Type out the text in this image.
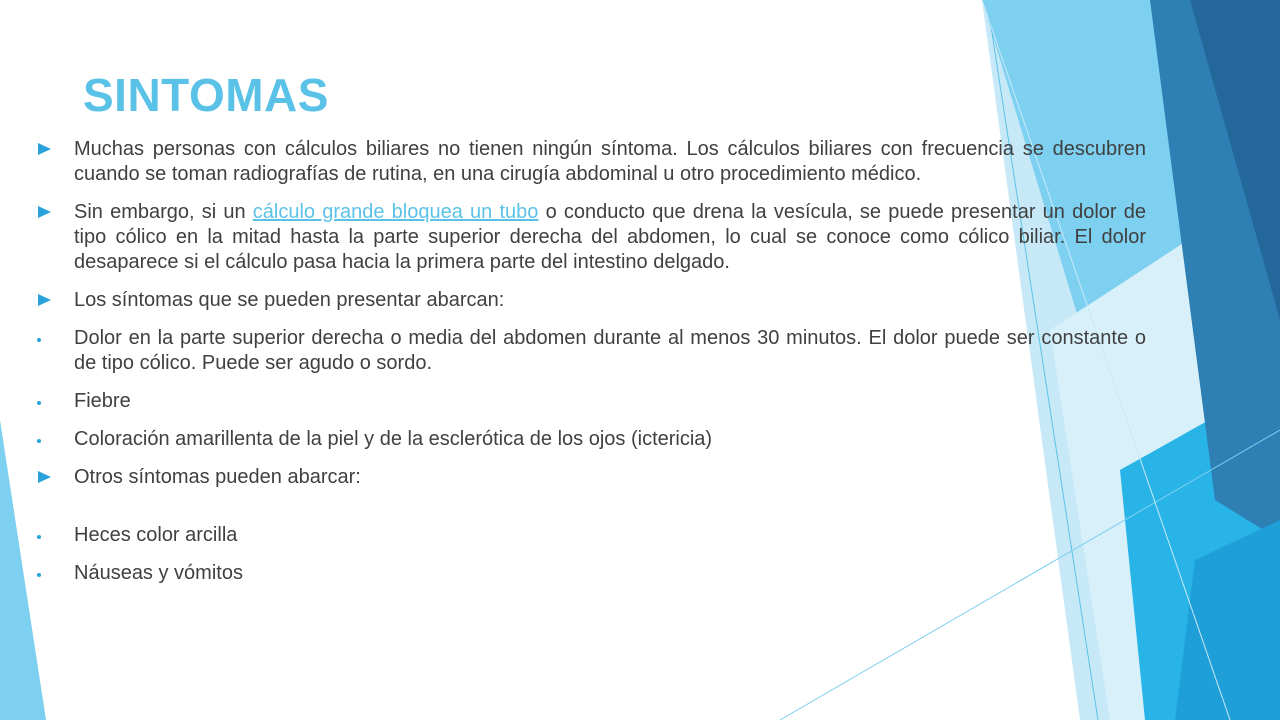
SINTOMAS
Muchas personas con cálculos biliares no tienen ningún síntoma. Los cálculos biliares con frecuencia se descubren cuando se toman radiografías de rutina, en una cirugía abdominal u otro procedimiento médico.
Sin embargo, si un cálculo grande bloquea un tubo o conducto que drena la vesícula, se puede presentar un dolor de tipo cólico en la mitad hasta la parte superior derecha del abdomen, lo cual se conoce como cólico biliar. El dolor desaparece si el cálculo pasa hacia la primera parte del intestino delgado.
Los síntomas que se pueden presentar abarcan:
Dolor en la parte superior derecha o media del abdomen durante al menos 30 minutos. El dolor puede ser constante o de tipo cólico. Puede ser agudo o sordo.
Fiebre
Coloración amarillenta de la piel y de la esclerótica de los ojos (ictericia)
Otros síntomas pueden abarcar:
Heces color arcilla
Náuseas y vómitos
